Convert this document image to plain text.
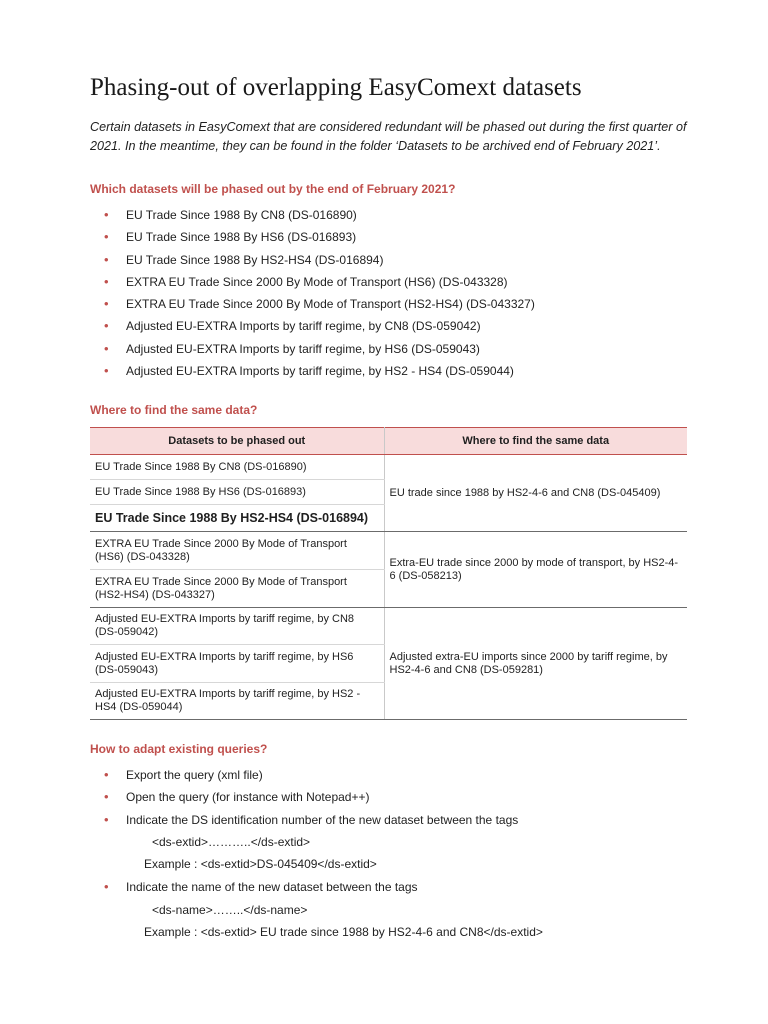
Phasing-out of overlapping EasyComext datasets

Certain datasets in EasyComext that are considered redundant will be phased out during the first quarter of 2021. In the meantime, they can be found in the folder ‘Datasets to be archived end of February 2021’.

Which datasets will be phased out by the end of February 2021?
• EU Trade Since 1988 By CN8 (DS-016890)
• EU Trade Since 1988 By HS6 (DS-016893)
• EU Trade Since 1988 By HS2-HS4 (DS-016894)
• EXTRA EU Trade Since 2000 By Mode of Transport (HS6) (DS-043328)
• EXTRA EU Trade Since 2000 By Mode of Transport (HS2-HS4) (DS-043327)
• Adjusted EU-EXTRA Imports by tariff regime, by CN8 (DS-059042)
• Adjusted EU-EXTRA Imports by tariff regime, by HS6 (DS-059043)
• Adjusted EU-EXTRA Imports by tariff regime, by HS2 - HS4 (DS-059044)
Where to find the same data?
Datasets to be phased out	Where to find the same data
EU Trade Since 1988 By CN8 (DS-016890)	EU trade since 1988 by HS2-4-6 and CN8 (DS-045409)
EU Trade Since 1988 By HS6 (DS-016893)	
EU Trade Since 1988 By HS2-HS4 (DS-016894)	
EXTRA EU Trade Since 2000 By Mode of Transport (HS6) (DS-043328)	Extra-EU trade since 2000 by mode of transport, by HS2-4-6 (DS-058213)
EXTRA EU Trade Since 2000 By Mode of Transport (HS2-HS4) (DS-043327)	
Adjusted EU-EXTRA Imports by tariff regime, by CN8 (DS-059042)	Adjusted extra-EU imports since 2000 by tariff regime, by HS2-4-6 and CN8 (DS-059281)
Adjusted EU-EXTRA Imports by tariff regime, by HS6 (DS-059043)	
Adjusted EU-EXTRA Imports by tariff regime, by HS2 - HS4 (DS-059044)	
How to adapt existing queries?
• Export the query (xml file)
• Open the query (for instance with Notepad++)
• Indicate the DS identification number of the new dataset between the tags

<ds-extid>………..</ds-extid>

Example : <ds-extid>DS-045409</ds-extid>

• Indicate the name of the new dataset between the tags

<ds-name>……..</ds-name>

Example : <ds-extid> EU trade since 1988 by HS2-4-6 and CN8</ds-extid>
